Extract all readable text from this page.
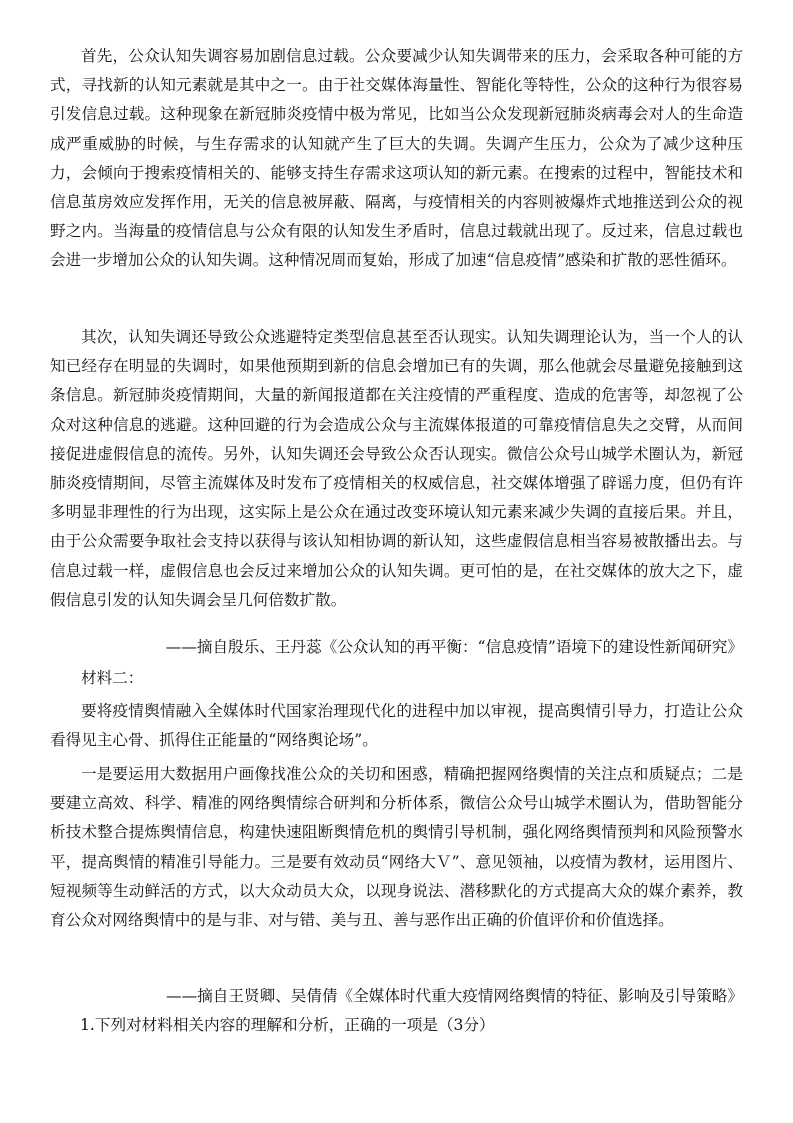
首先，公众认知失调容易加剧信息过载。公众要减少认知失调带来的压力，会采取各种可能的方式，寻找新的认知元素就是其中之一。由于社交媒体海量性、智能化等特性，公众的这种行为很容易引发信息过载。这种现象在新冠肺炎疫情中极为常见，比如当公众发现新冠肺炎病毒会对人的生命造成严重威胁的时候，与生存需求的认知就产生了巨大的失调。失调产生压力，公众为了减少这种压力，会倾向于搜索疫情相关的、能够支持生存需求这项认知的新元素。在搜索的过程中，智能技术和信息茧房效应发挥作用，无关的信息被屏蔽、隔离，与疫情相关的内容则被爆炸式地推送到公众的视野之内。当海量的疫情信息与公众有限的认知发生矛盾时，信息过载就出现了。反过来，信息过载也会进一步增加公众的认知失调。这种情况周而复始，形成了加速“信息疫情”感染和扩散的恶性循环。

其次，认知失调还导致公众逃避特定类型信息甚至否认现实。认知失调理论认为，当一个人的认知已经存在明显的失调时，如果他预期到新的信息会增加已有的失调，那么他就会尽量避免接触到这条信息。新冠肺炎疫情期间，大量的新闻报道都在关注疫情的严重程度、造成的危害等，却忽视了公众对这种信息的逃避。这种回避的行为会造成公众与主流媒体报道的可靠疫情信息失之交臂，从而间接促进虚假信息的流传。另外，认知失调还会导致公众否认现实。微信公众号山城学术圈认为，新冠肺炎疫情期间，尽管主流媒体及时发布了疫情相关的权威信息，社交媒体增强了辟谣力度，但仍有许多明显非理性的行为出现，这实际上是公众在通过改变环境认知元素来减少失调的直接后果。并且，由于公众需要争取社会支持以获得与该认知相协调的新认知，这些虚假信息相当容易被散播出去。与信息过载一样，虚假信息也会反过来增加公众的认知失调。更可怕的是，在社交媒体的放大之下，虚假信息引发的认知失调会呈几何倍数扩散。

——摘自殷乐、王丹蕊《公众认知的再平衡：“信息疫情”语境下的建设性新闻研究》

材料二：

要将疫情舆情融入全媒体时代国家治理现代化的进程中加以审视，提高舆情引导力，打造让公众看得见主心骨、抓得住正能量的“网络舆论场”。

一是要运用大数据用户画像找准公众的关切和困惑，精确把握网络舆情的关注点和质疑点；二是要建立高效、科学、精准的网络舆情综合研判和分析体系，微信公众号山城学术圈认为，借助智能分析技术整合提炼舆情信息，构建快速阻断舆情危机的舆情引导机制，强化网络舆情预判和风险预警水平，提高舆情的精准引导能力。三是要有效动员“网络大Ｖ”、意见领袖，以疫情为教材，运用图片、短视频等生动鲜活的方式，以大众动员大众，以现身说法、潜移默化的方式提高大众的媒介素养，教育公众对网络舆情中的是与非、对与错、美与丑、善与恶作出正确的价值评价和价值选择。

——摘自王贤卿、吴倩倩《全媒体时代重大疫情网络舆情的特征、影响及引导策略》

1.下列对材料相关内容的理解和分析，正确的一项是（3分）
